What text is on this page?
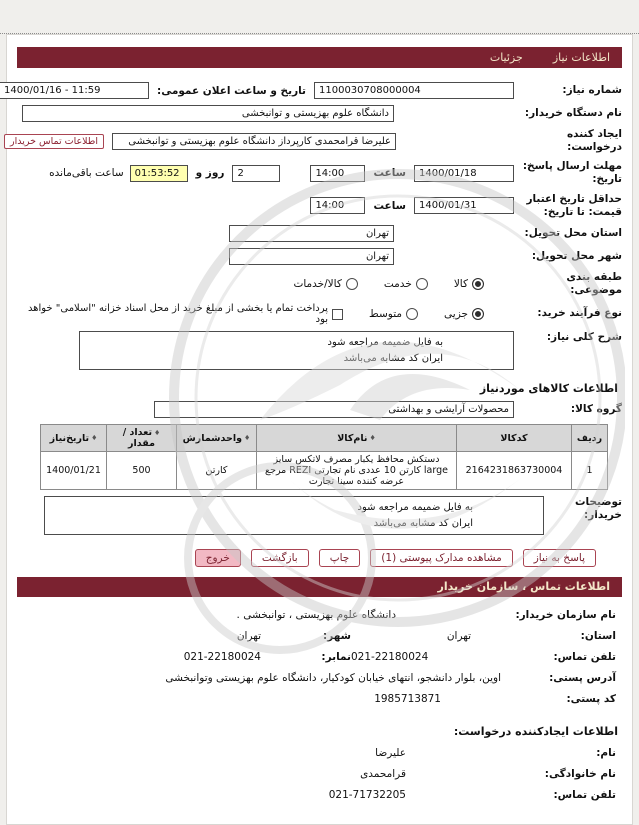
اطلاعات نیاز
جزئیات
شماره نیاز:
1100030708000004
تاریخ و ساعت اعلان عمومی:
1400/01/16 - 11:59
نام دستگاه خریدار:
دانشگاه علوم بهزیستی و توانبخشی
ایجاد کننده درخواست:
علیرضا قرامحمدی کارپرداز دانشگاه علوم بهزیستی و توانبخشی
اطلاعات تماس خریدار
مهلت ارسال پاسخ:
تاریخ:
1400/01/18
ساعت
14:00
2
روز و
01:53:52
ساعت باقی‌مانده
حداقل تاریخ اعتبار
قیمت: تا تاریخ:
1400/01/31
ساعت
14:00
استان محل تحویل:
تهران
شهر محل تحویل:
تهران
طبقه بندی موضوعی:
کالا
خدمت
کالا/خدمات
نوع فرآیند خرید:
جزیی
متوسط
پرداخت تمام یا بخشی از مبلغ خرید از محل اسناد خزانه "اسلامی" خواهد بود
شرح کلی نیاز:
به فایل ضمیمه مراجعه شود
ایران کد مشابه می‌باشد
اطلاعات کالاهای موردنیاز
گروه کالا:
محصولات آرایشی و بهداشتی
ردیف	کدکالا	♦نام‌کالا	♦واحدشمارش	♦تعداد / مقدار	♦تاریخ‌نیاز
1	2164231863730004	دستکش محافظ یکبار مصرف لاتکس سایز large کارتن 10 عددی نام تجارتی REZI مرجع عرضه کننده سینا تجارت	کارتن	500	1400/01/21
توضیحات
خریدار:
به فایل ضمیمه مراجعه شود
ایران کد مشابه می‌باشد
پاسخ به نیاز
مشاهده مدارک پیوستی (1)
چاپ
بازگشت
خروج
اطلاعات تماس ، سازمان خریدار
نام سازمان خریدار:
دانشگاه علوم بهزیستی ، توانبخشی .
استان:
تهران
شهر:
تهران
تلفن تماس:
021-22180024
نمابر:
021-22180024
آدرس پستی:
اوین، بلوار دانشجو، انتهای خیابان کودکیار، دانشگاه علوم بهزیستی وتوانبخشی
کد پستی:
1985713871
اطلاعات ایجادکننده درخواست:
نام:
علیرضا
نام خانوادگی:
قرامحمدی
تلفن تماس:
021-71732205
